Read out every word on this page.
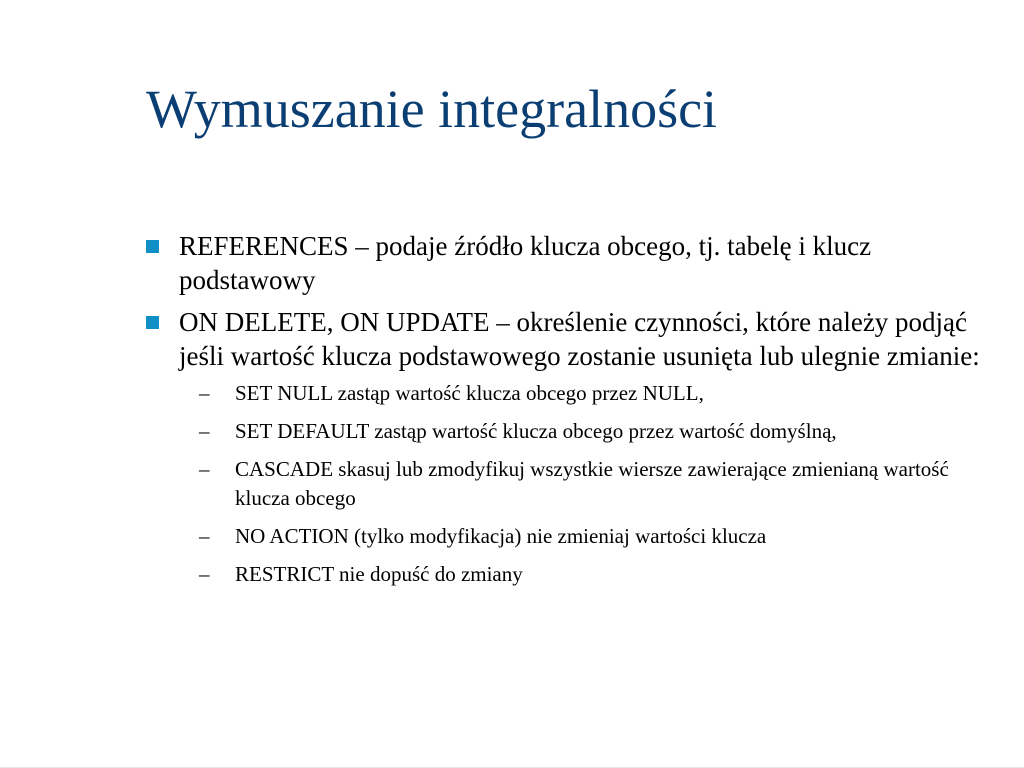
Wymuszanie integralności
REFERENCES – podaje źródło klucza obcego, tj. tabelę i klucz podstawowy
ON DELETE, ON UPDATE – określenie czynności, które należy podjąć jeśli wartość klucza podstawowego zostanie usunięta lub ulegnie zmianie:
–	SET NULL zastąp wartość klucza obcego przez NULL,
–	SET DEFAULT zastąp wartość klucza obcego przez wartość domyślną,
–	CASCADE skasuj lub zmodyfikuj wszystkie wiersze zawierające zmienianą wartość klucza obcego
–	NO ACTION (tylko modyfikacja) nie zmieniaj wartości klucza
–	RESTRICT nie dopuść do zmiany
